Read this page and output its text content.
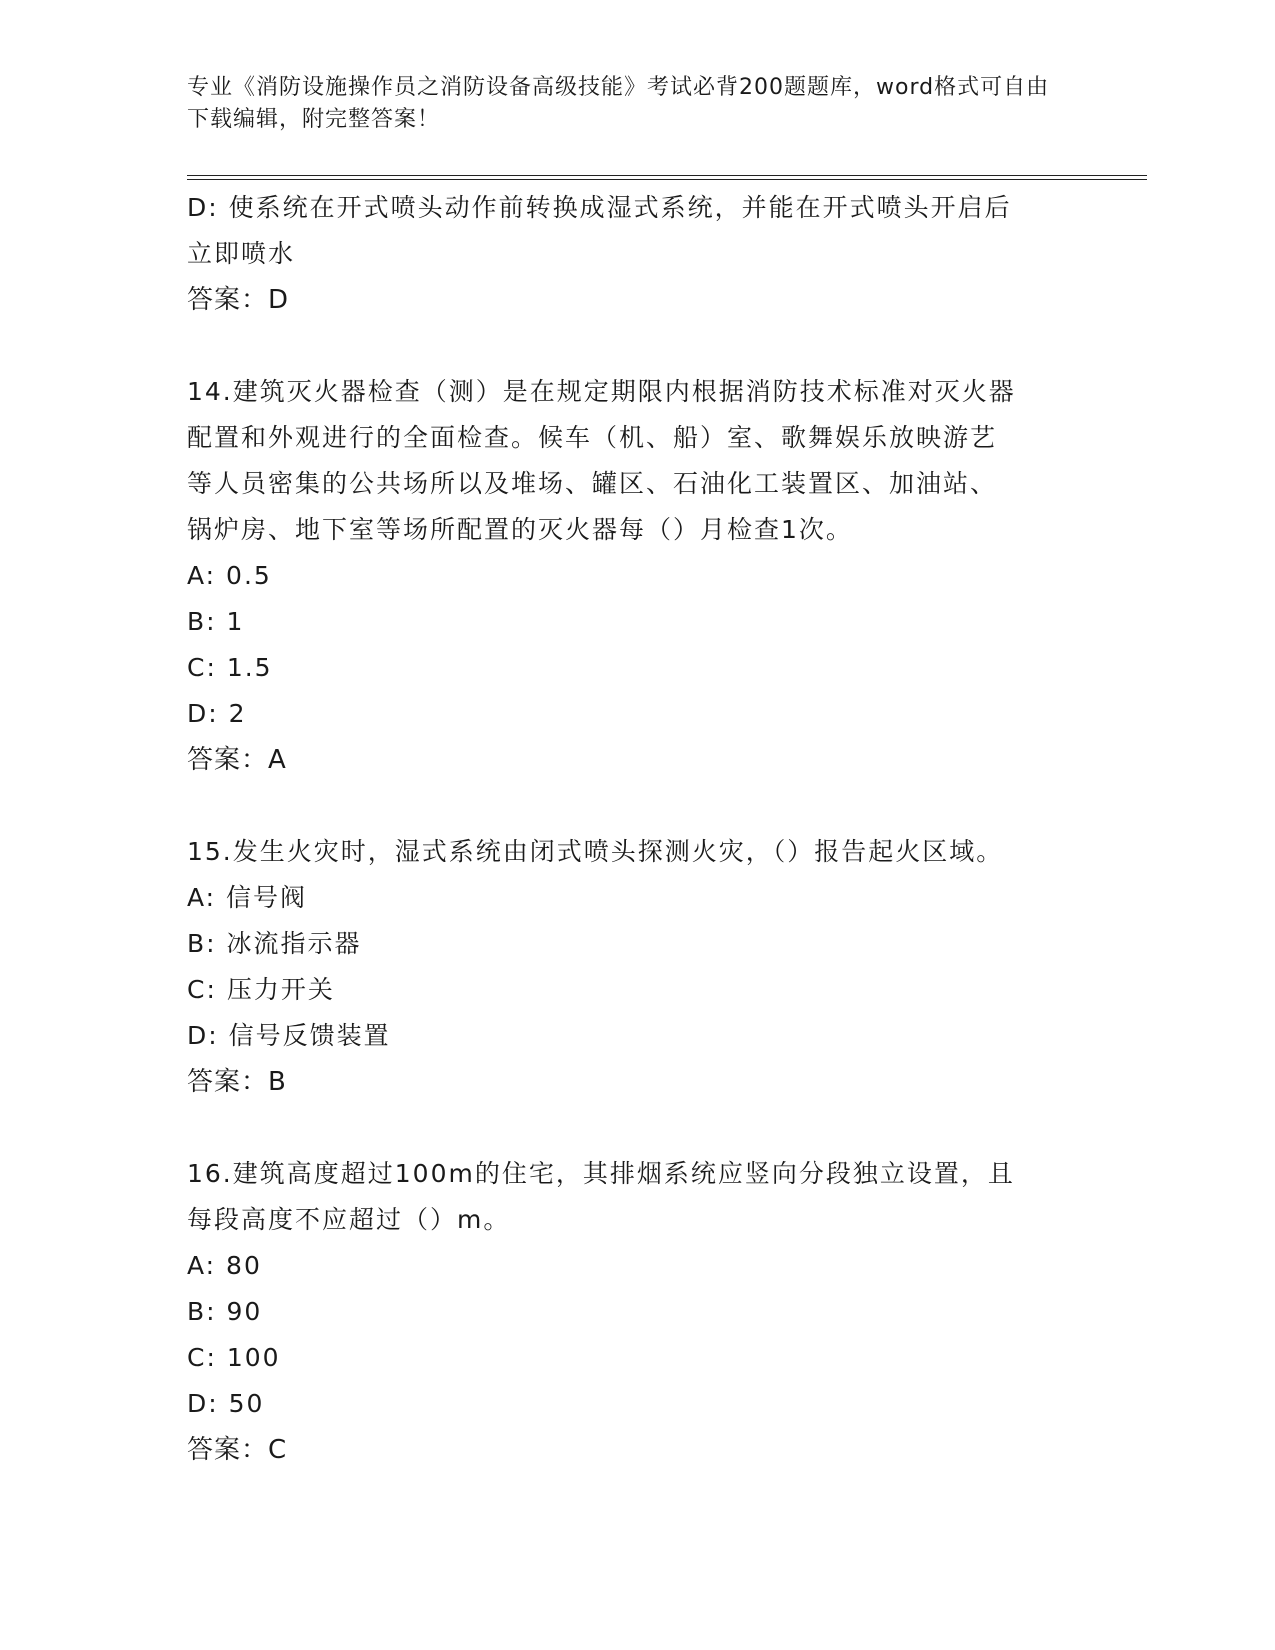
专业《消防设施操作员之消防设备高级技能》考试必背200题题库，word格式可自由下载编辑，附完整答案！

D: 使系统在开式喷头动作前转换成湿式系统，并能在开式喷头开启后

立即喷水

答案：D

14.建筑灭火器检查（测）是在规定期限内根据消防技术标准对灭火器

配置和外观进行的全面检查。候车（机、船）室、歌舞娱乐放映游艺

等人员密集的公共场所以及堆场、罐区、石油化工装置区、加油站、

锅炉房、地下室等场所配置的灭火器每（）月检查1次。

A: 0.5

B: 1

C: 1.5

D: 2

答案：A

15.发生火灾时，湿式系统由闭式喷头探测火灾，（）报告起火区域。

A: 信号阀

B: 冰流指示器

C: 压力开关

D: 信号反馈装置

答案：B

16.建筑高度超过100m的住宅，其排烟系统应竖向分段独立设置，且

每段高度不应超过（）m。

A: 80

B: 90

C: 100

D: 50

答案：C
